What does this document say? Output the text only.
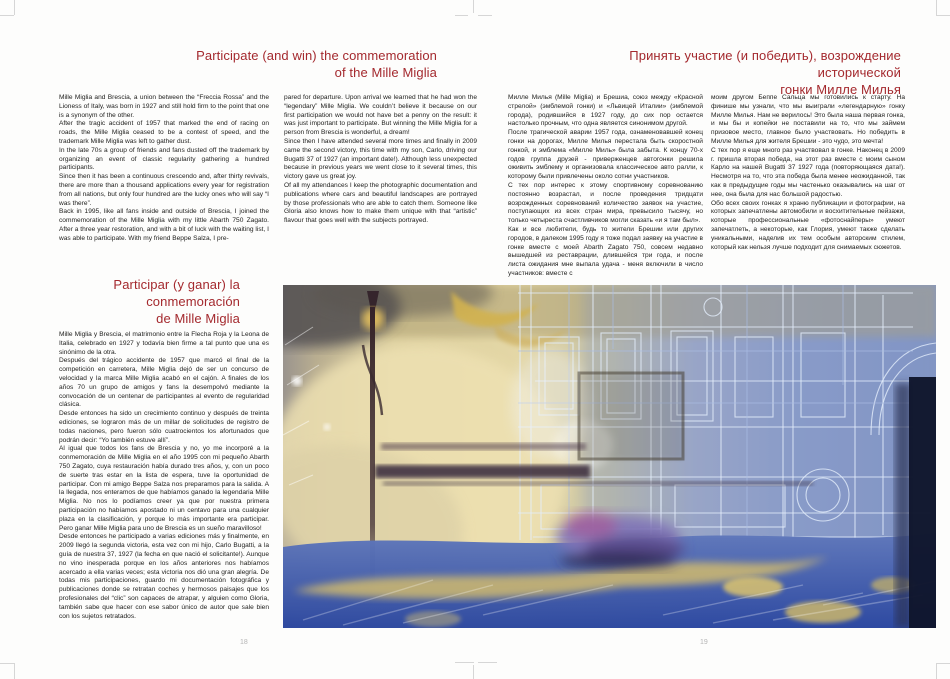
Participate (and win) the commemoration
of the Mille Miglia

Mille Miglia and Brescia, a union between the “Freccia Rossa” and the Lioness of Italy, was born in 1927 and still hold firm to the point that one is a synonym of the other.

After the tragic accident of 1957 that marked the end of racing on roads, the Mille Miglia ceased to be a contest of speed, and the trademark Mille Miglia was left to gather dust.

In the late 70s a group of friends and fans dusted off the trademark by organizing an event of classic regularity gathering a hundred participants.

Since then it has been a continuous crescendo and, after thirty revivals, there are more than a thousand applications every year for registration from all nations, but only four hundred are the lucky ones who will say “I was there”.

Back in 1995, like all fans inside and outside of Brescia, I joined the commemoration of the Mille Miglia with my little Abarth 750 Zagato. After a three year restoration, and with a bit of luck with the waiting list, I was able to participate. With my friend Beppe Salza, I pre-

pared for departure. Upon arrival we learned that he had won the “legendary” Mille Miglia. We couldn’t believe it because on our first participation we would not have bet a penny on the result: it was just important to participate. But winning the Mille Miglia for a person from Brescia is wonderful, a dream!

Since then I have attended several more times and finally in 2009 came the second victory, this time with my son, Carlo, driving our Bugatti 37 of 1927 (an important date!). Although less unexpected because in previous years we went close to it several times, this victory gave us great joy.

Of all my attendances I keep the photographic documentation and publications where cars and beautiful landscapes are portrayed by those professionals who are able to catch them. Someone like Gloria also knows how to make them unique with that “artistic” flavour that goes well with the subjects portrayed.

Participar (y ganar) la conmemoración
de Mille Miglia

Mille Miglia y Brescia, el matrimonio entre la Flecha Roja y la Leona de Italia, celebrado en 1927 y todavía bien firme a tal punto que una es sinónimo de la otra.

Después del trágico accidente de 1957 que marcó el final de la competición en carretera, Mille Miglia dejó de ser un concurso de velocidad y la marca Mille Miglia acabó en el cajón. A finales de los años 70 un grupo de amigos y fans la desempolvó mediante la convocación de un centenar de participantes al evento de regularidad clásica.

Desde entonces ha sido un crecimiento continuo y después de treinta ediciones, se lograron más de un millar de solicitudes de registro de todas naciones, pero fueron sólo cuatrocientos los afortunados que podrán decir: “Yo también estuve allí”.

Al igual que todos los fans de Brescia y no, yo me incorporé a la conmemoración de Mille Miglia en el año 1995 con mi pequeño Abarth 750 Zagato, cuya restauración había durado tres años, y, con un poco de suerte tras estar en la lista de espera, tuve la oportunidad de participar. Con mi amigo Beppe Salza nos preparamos para la salida. A la llegada, nos enteramos de que habíamos ganado la legendaria Mille Miglia. No nos lo podíamos creer ya que por nuestra primera participación no habíamos apostado ni un centavo para una cualquier plaza en la clasificación, y porque lo más importante era participar. Pero ganar Mille Miglia para uno de Brescia es un sueño maravilloso!

Desde entonces he participado a varias ediciones más y finalmente, en 2009 llegó la segunda victoria, esta vez con mi hijo, Carlo Bugatti, a la guía de nuestra 37, 1927 (la fecha en que nació el solicitante!). Aunque no vino inesperada porque en los años anteriores nos habíamos acercado a ella varias veces; esta victoria nos dió una gran alegría. De todas mis participaciones, guardo mi documentación fotográfica y publicaciones donde se retratan coches y hermosos paisajes que los profesionales del “clic” son capaces de atrapar, y alguien como Gloria, también sabe que hacer con ese sabor único de autor que sale bien con los sujetos retratados.

Принять участие (и победить), возрождение исторической
гонки Милле Милья

Милле Милья (Mille Miglia) и Брешиа, союз между «Красной стрелой» (эмблемой гонки) и «Львицей Италии» (эмблемой города), родившийся в 1927 году, до сих пор остается настолько прочным, что одна является синонимом другой.

После трагической аварии 1957 года, ознаменовавшей конец гонки на дорогах, Милле Милья перестала быть скоростной гонкой, и эмблема «Милле Миль» была забыта. К концу 70-х годов группа друзей - приверженцев автогонки решила оживить эмблему и организовала классическое авто ралли, к которому были привлечены около сотни участников.

С тех пор интерес к этому спортивному соревнованию постоянно возрастал, и после проведения тридцати возрожденных соревнований количество заявок на участие, поступающих из всех стран мира, превысило тысячу, но только четыреста счастливчиков могли сказать «и я там был».

Как и все любители, будь то жители Брешии или других городов, в далеком 1995 году я тоже подал заявку на участие в гонке вместе с моей Abarth Zagato 750, совсем недавно вышедшей из реставрации, длившейся три года, и после листа ожидания мне выпала удача - меня включили в число участников: вместе с

моим другом Беппе Сальца мы готовились к старту. На финише мы узнали, что мы выиграли «легендарную» гонку Милле Милья. Нам не верилось! Это была наша первая гонка, и мы бы и копейки не поставили на то, что мы займем призовое место, главное было участвовать. Но победить в Милле Милья для жителя Брешии - это чудо, это мечта!

С тех пор я еще много раз участвовал в гонке. Наконец в 2009 г. пришла вторая победа, на этот раз вместе с моим сыном Карло на нашей Bugatti 37 1927 года (повторяющаяся дата!). Несмотря на то, что эта победа была менее неожиданной, так как в предыдущие годы мы частенько оказывались на шаг от нее, она была для нас большой радостью.

Обо всех своих гонках я храню публикации и фотографии, на которых запечатлены автомобили и восхитительные пейзажи, которые профессиональные «фотоснайперы» умеют запечатлеть, а некоторые, как Глория, умеют также сделать уникальными, наделив их тем особым авторским стилем, который как нельзя лучше подходит для снимаемых сюжетов.

18	19
